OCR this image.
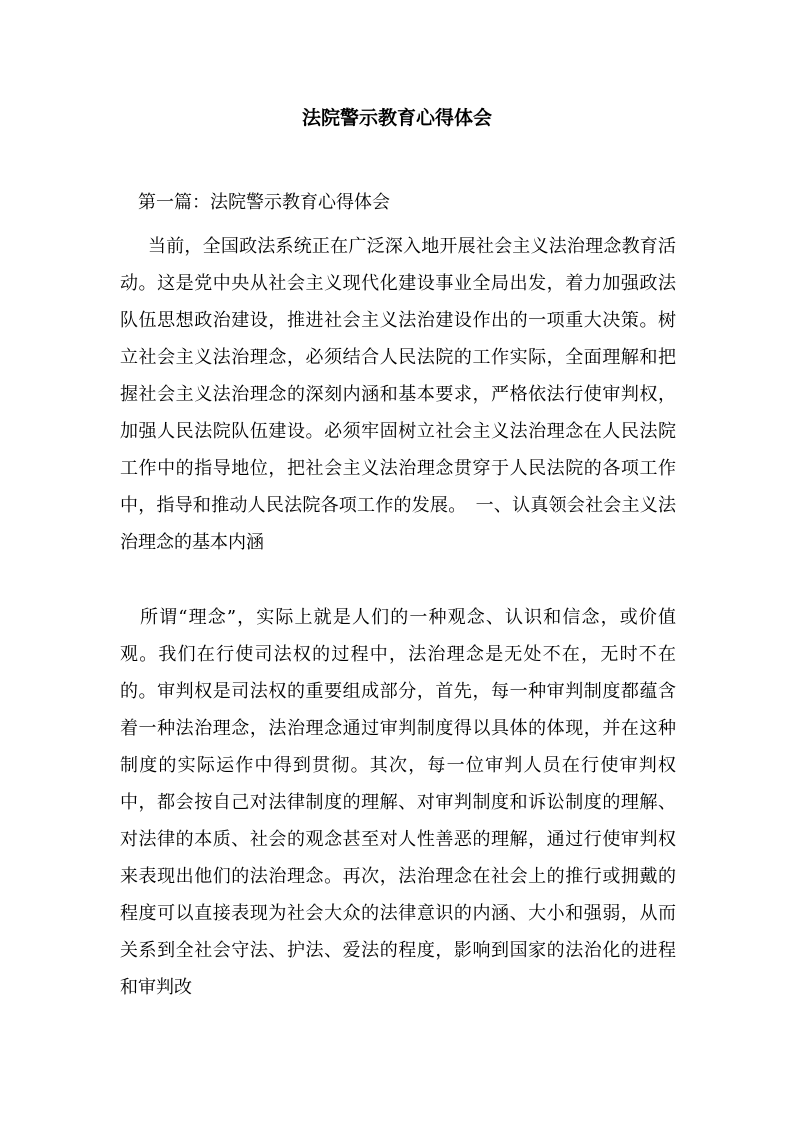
法院警示教育心得体会

第一篇：法院警示教育心得体会

当前，全国政法系统正在广泛深入地开展社会主义法治理念教育活动。这是党中央从社会主义现代化建设事业全局出发，着力加强政法队伍思想政治建设，推进社会主义法治建设作出的一项重大决策。树立社会主义法治理念，必须结合人民法院的工作实际，全面理解和把握社会主义法治理念的深刻内涵和基本要求，严格依法行使审判权，加强人民法院队伍建设。必须牢固树立社会主义法治理念在人民法院工作中的指导地位，把社会主义法治理念贯穿于人民法院的各项工作中，指导和推动人民法院各项工作的发展。　一、认真领会社会主义法治理念的基本内涵

所谓“理念”，实际上就是人们的一种观念、认识和信念，或价值观。我们在行使司法权的过程中，法治理念是无处不在，无时不在的。审判权是司法权的重要组成部分，首先，每一种审判制度都蕴含着一种法治理念，法治理念通过审判制度得以具体的体现，并在这种制度的实际运作中得到贯彻。其次，每一位审判人员在行使审判权中，都会按自己对法律制度的理解、对审判制度和诉讼制度的理解、对法律的本质、社会的观念甚至对人性善恶的理解，通过行使审判权来表现出他们的法治理念。再次，法治理念在社会上的推行或拥戴的程度可以直接表现为社会大众的法律意识的内涵、大小和强弱，从而关系到全社会守法、护法、爱法的程度，影响到国家的法治化的进程和审判改
